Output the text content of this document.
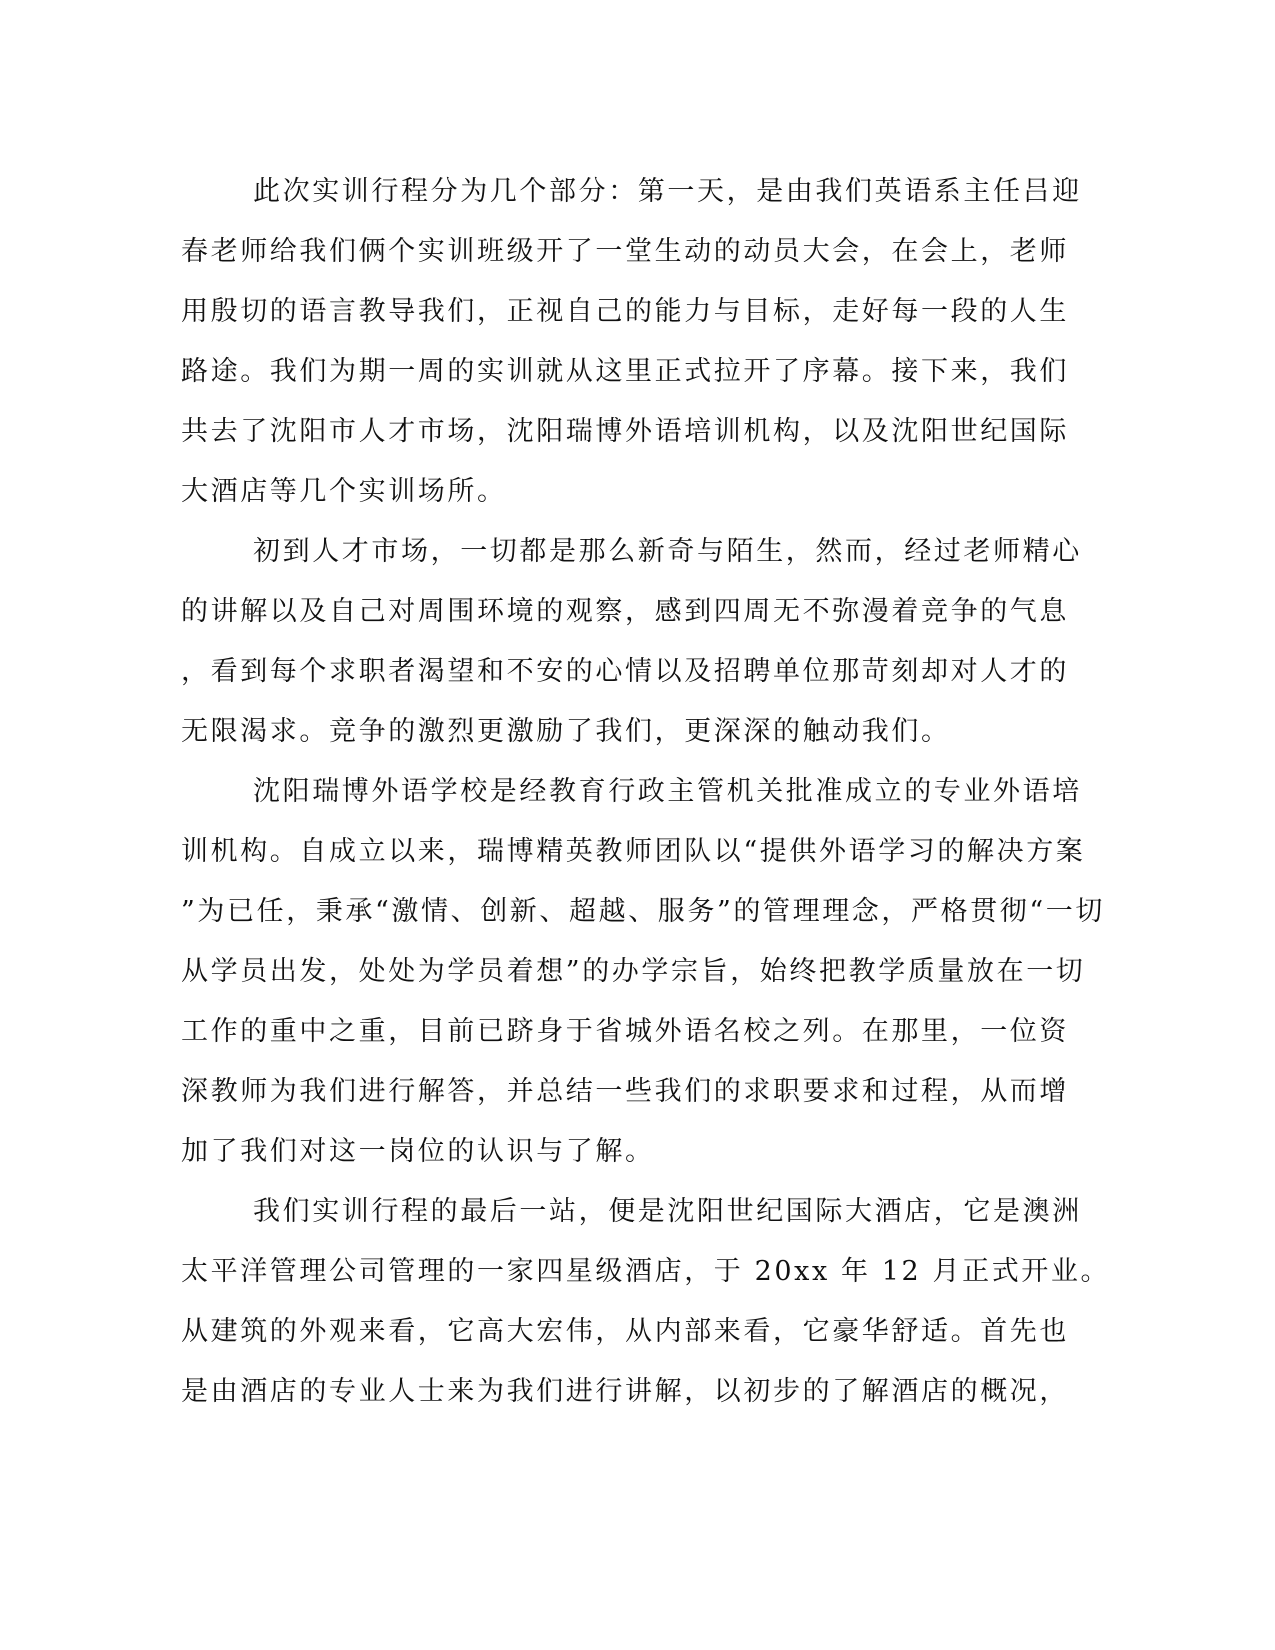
此次实训行程分为几个部分：第一天，是由我们英语系主任吕迎
春老师给我们俩个实训班级开了一堂生动的动员大会，在会上，老师
用殷切的语言教导我们，正视自己的能力与目标，走好每一段的人生
路途。我们为期一周的实训就从这里正式拉开了序幕。接下来，我们
共去了沈阳市人才市场，沈阳瑞博外语培训机构，以及沈阳世纪国际
大酒店等几个实训场所。
初到人才市场，一切都是那么新奇与陌生，然而，经过老师精心
的讲解以及自己对周围环境的观察，感到四周无不弥漫着竞争的气息
，看到每个求职者渴望和不安的心情以及招聘单位那苛刻却对人才的
无限渴求。竞争的激烈更激励了我们，更深深的触动我们。
沈阳瑞博外语学校是经教育行政主管机关批准成立的专业外语培
训机构。自成立以来，瑞博精英教师团队以“提供外语学习的解决方案
”为已任，秉承“激情、创新、超越、服务”的管理理念，严格贯彻“一切
从学员出发，处处为学员着想”的办学宗旨，始终把教学质量放在一切
工作的重中之重，目前已跻身于省城外语名校之列。在那里，一位资
深教师为我们进行解答，并总结一些我们的求职要求和过程，从而增
加了我们对这一岗位的认识与了解。
我们实训行程的最后一站，便是沈阳世纪国际大酒店，它是澳洲
太平洋管理公司管理的一家四星级酒店，于 20xx 年 12 月正式开业。
从建筑的外观来看，它高大宏伟，从内部来看，它豪华舒适。首先也
是由酒店的专业人士来为我们进行讲解，以初步的了解酒店的概况，
